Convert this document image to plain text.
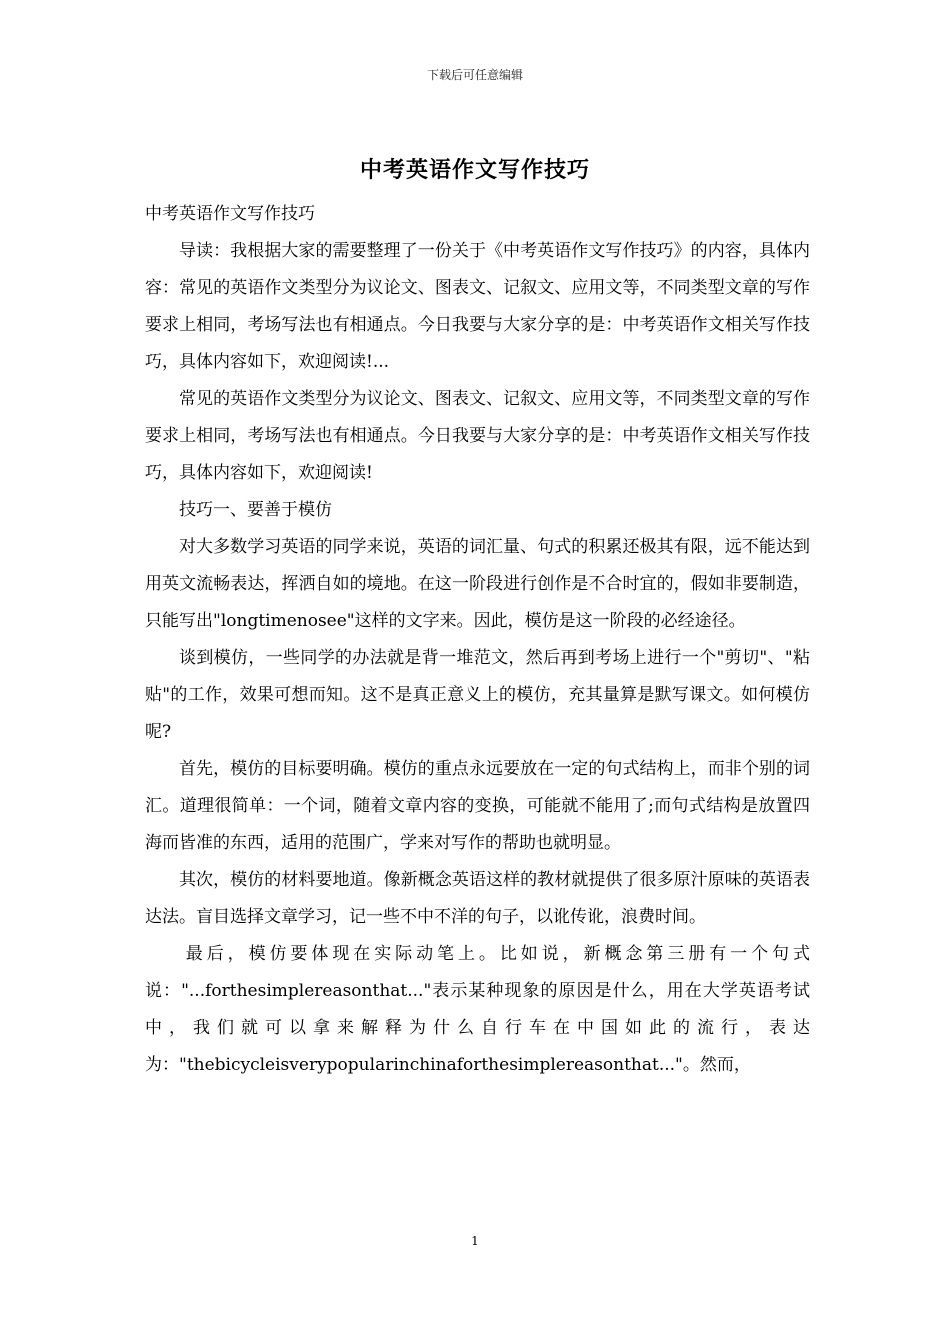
下载后可任意编辑
中考英语作文写作技巧

中考英语作文写作技巧

导读：我根据大家的需要整理了一份关于《中考英语作文写作技巧》的内容，具体内容：常见的英语作文类型分为议论文、图表文、记叙文、应用文等，不同类型文章的写作要求上相同，考场写法也有相通点。今日我要与大家分享的是：中考英语作文相关写作技巧，具体内容如下，欢迎阅读!...

常见的英语作文类型分为议论文、图表文、记叙文、应用文等，不同类型文章的写作要求上相同，考场写法也有相通点。今日我要与大家分享的是：中考英语作文相关写作技巧，具体内容如下，欢迎阅读!

技巧一、要善于模仿

对大多数学习英语的同学来说，英语的词汇量、句式的积累还极其有限，远不能达到用英文流畅表达，挥洒自如的境地。在这一阶段进行创作是不合时宜的，假如非要制造，只能写出"longtimenosee"这样的文字来。因此，模仿是这一阶段的必经途径。

谈到模仿，一些同学的办法就是背一堆范文，然后再到考场上进行一个"剪切"、"粘贴"的工作，效果可想而知。这不是真正意义上的模仿，充其量算是默写课文。如何模仿呢?

首先，模仿的目标要明确。模仿的重点永远要放在一定的句式结构上，而非个别的词汇。道理很简单：一个词，随着文章内容的变换，可能就不能用了;而句式结构是放置四海而皆准的东西，适用的范围广，学来对写作的帮助也就明显。

其次，模仿的材料要地道。像新概念英语这样的教材就提供了很多原汁原味的英语表达法。盲目选择文章学习，记一些不中不洋的句子，以讹传讹，浪费时间。

最后，模仿要体现在实际动笔上。比如说，新概念第三册有一个句式说："...forthesimplereasonthat..."表示某种现象的原因是什么，用在大学英语考试中，我们就可以拿来解释为什么自行车在中国如此的流行，表达为："thebicycleisverypopularinchinaforthesimplereasonthat..."。然而，

1
